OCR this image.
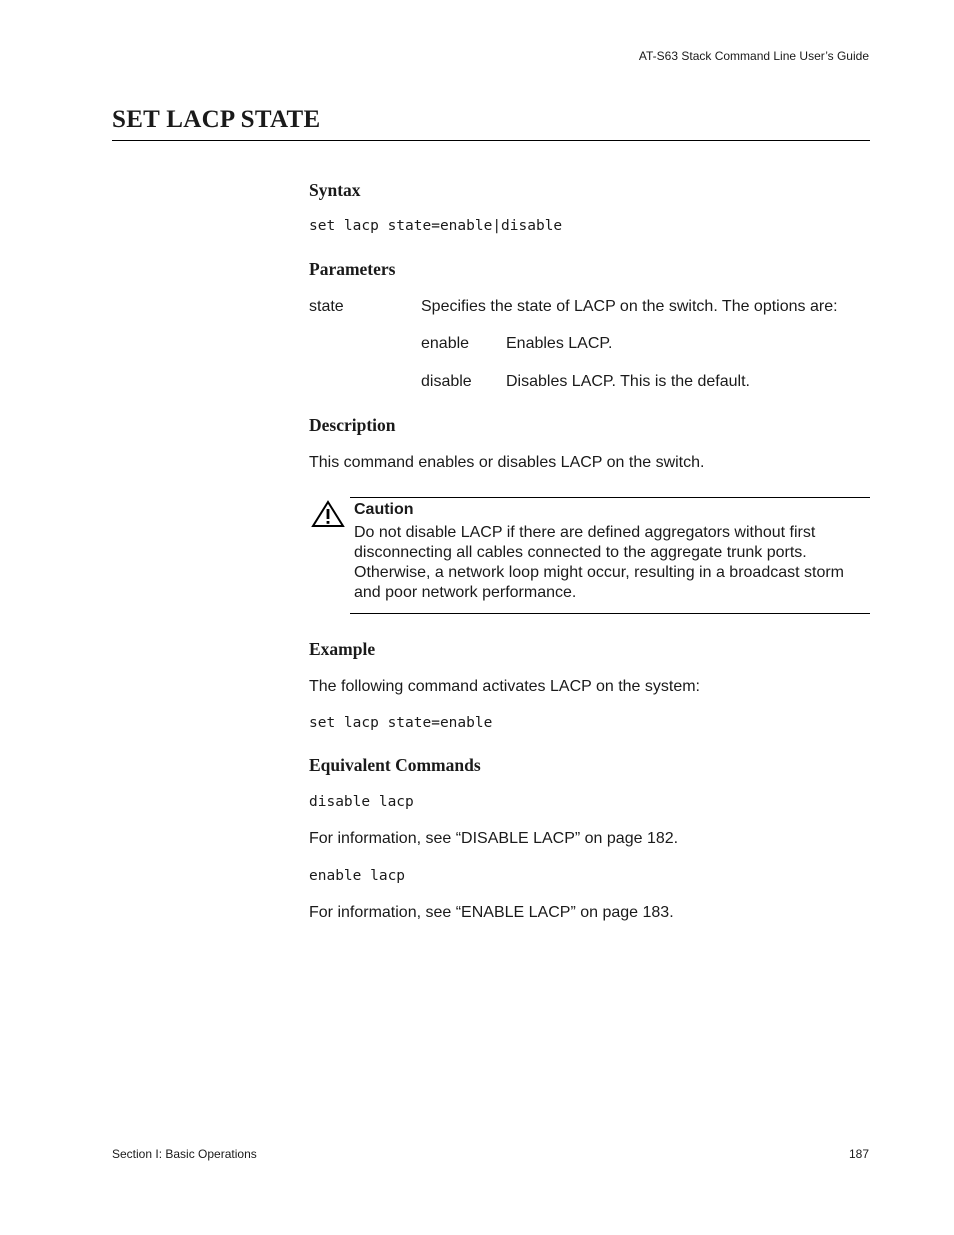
AT-S63 Stack Command Line User’s Guide
SET LACP STATE
Syntax
set lacp state=enable|disable
Parameters
state	Specifies the state of LACP on the switch. The options are:
enable Enables LACP.
disable Disables LACP. This is the default.
Description
This command enables or disables LACP on the switch.
Caution
Do not disable LACP if there are defined aggregators without first disconnecting all cables connected to the aggregate trunk ports. Otherwise, a network loop might occur, resulting in a broadcast storm and poor network performance.
Example
The following command activates LACP on the system:
set lacp state=enable
Equivalent Commands
disable lacp
For information, see “DISABLE LACP” on page 182.
enable lacp
For information, see “ENABLE LACP” on page 183.
Section I: Basic Operations	187
